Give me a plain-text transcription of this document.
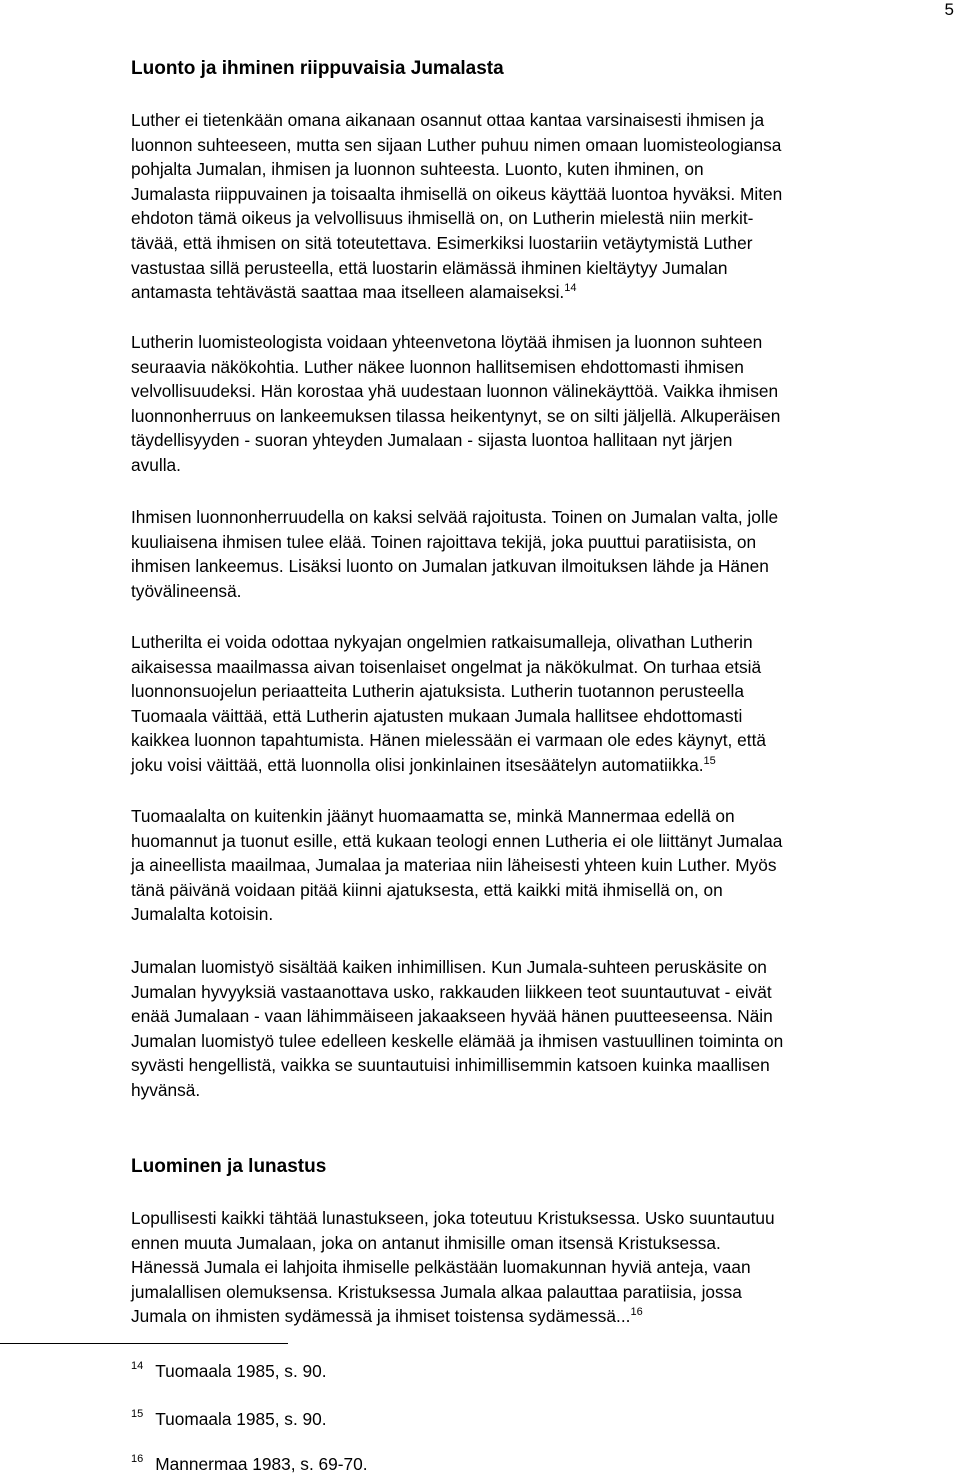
5
Luonto ja ihminen riippuvaisia Jumalasta

Luther ei tietenkään omana aikanaan osannut ottaa kantaa varsinaisesti ihmisen ja
luonnon suhteeseen, mutta sen sijaan Luther puhuu nimen omaan luomisteologiansa
pohjalta Jumalan, ihmisen ja luonnon suhteesta. Luonto, kuten ihminen, on
Jumalasta riippuvainen ja toisaalta ihmisellä on oikeus käyttää luontoa hyväksi. Miten
ehdoton tämä oikeus ja velvollisuus ihmisellä on, on Lutherin mielestä niin merkit-
tävää, että ihmisen on sitä toteutettava. Esimerkiksi luostariin vetäytymistä Luther
vastustaa sillä perusteella, että luostarin elämässä ihminen kieltäytyy Jumalan
antamasta tehtävästä saattaa maa itselleen alamaiseksi.$^{14}$

Lutherin luomisteologista voidaan yhteenvetona löytää ihmisen ja luonnon suhteen
seuraavia näkökohtia. Luther näkee luonnon hallitsemisen ehdottomasti ihmisen
velvollisuudeksi. Hän korostaa yhä uudestaan luonnon välinekäyttöä. Vaikka ihmisen
luonnonherruus on lankeemuksen tilassa heikentynyt, se on silti jäljellä. Alkuperäisen
täydellisyyden - suoran yhteyden Jumalaan - sijasta luontoa hallitaan nyt järjen
avulla.

Ihmisen luonnonherruudella on kaksi selvää rajoitusta. Toinen on Jumalan valta, jolle
kuuliaisena ihmisen tulee elää. Toinen rajoittava tekijä, joka puuttui paratiisista, on
ihmisen lankeemus. Lisäksi luonto on Jumalan jatkuvan ilmoituksen lähde ja Hänen
työvälineensä.

Lutherilta ei voida odottaa nykyajan ongelmien ratkaisumalleja, olivathan Lutherin
aikaisessa maailmassa aivan toisenlaiset ongelmat ja näkökulmat. On turhaa etsiä
luonnonsuojelun periaatteita Lutherin ajatuksista. Lutherin tuotannon perusteella
Tuomaala väittää, että Lutherin ajatusten mukaan Jumala hallitsee ehdottomasti
kaikkea luonnon tapahtumista. Hänen mielessään ei varmaan ole edes käynyt, että
joku voisi väittää, että luonnolla olisi jonkinlainen itsesäätelyn automatiikka.$^{15}$

Tuomaalalta on kuitenkin jäänyt huomaamatta se, minkä Mannermaa edellä on
huomannut ja tuonut esille, että kukaan teologi ennen Lutheria ei ole liittänyt Jumalaa
ja aineellista maailmaa, Jumalaa ja materiaa niin läheisesti yhteen kuin Luther. Myös
tänä päivänä voidaan pitää kiinni ajatuksesta, että kaikki mitä ihmisellä on, on
Jumalalta kotoisin.

Jumalan luomistyö sisältää kaiken inhimillisen. Kun Jumala-suhteen peruskäsite on
Jumalan hyvyyksiä vastaanottava usko, rakkauden liikkeen teot suuntautuvat - eivät
enää Jumalaan - vaan lähimmäiseen jakaakseen hyvää hänen puutteeseensa. Näin
Jumalan luomistyö tulee edelleen keskelle elämää ja ihmisen vastuullinen toiminta on
syvästi hengellistä, vaikka se suuntautuisi inhimillisemmin katsoen kuinka maallisen
hyvänsä.

Luominen ja lunastus

Lopullisesti kaikki tähtää lunastukseen, joka toteutuu Kristuksessa. Usko suuntautuu
ennen muuta Jumalaan, joka on antanut ihmisille oman itsensä Kristuksessa.
Hänessä Jumala ei lahjoita ihmiselle pelkästään luomakunnan hyviä anteja, vaan
jumalallisen olemuksensa. Kristuksessa Jumala alkaa palauttaa paratiisia, jossa
Jumala on ihmisten sydämessä ja ihmiset toistensa sydämessä...$^{16}$

$^{14}$ Tuomaala 1985, s. 90.

$^{15}$ Tuomaala 1985, s. 90.

$^{16}$ Mannermaa 1983, s. 69-70.
